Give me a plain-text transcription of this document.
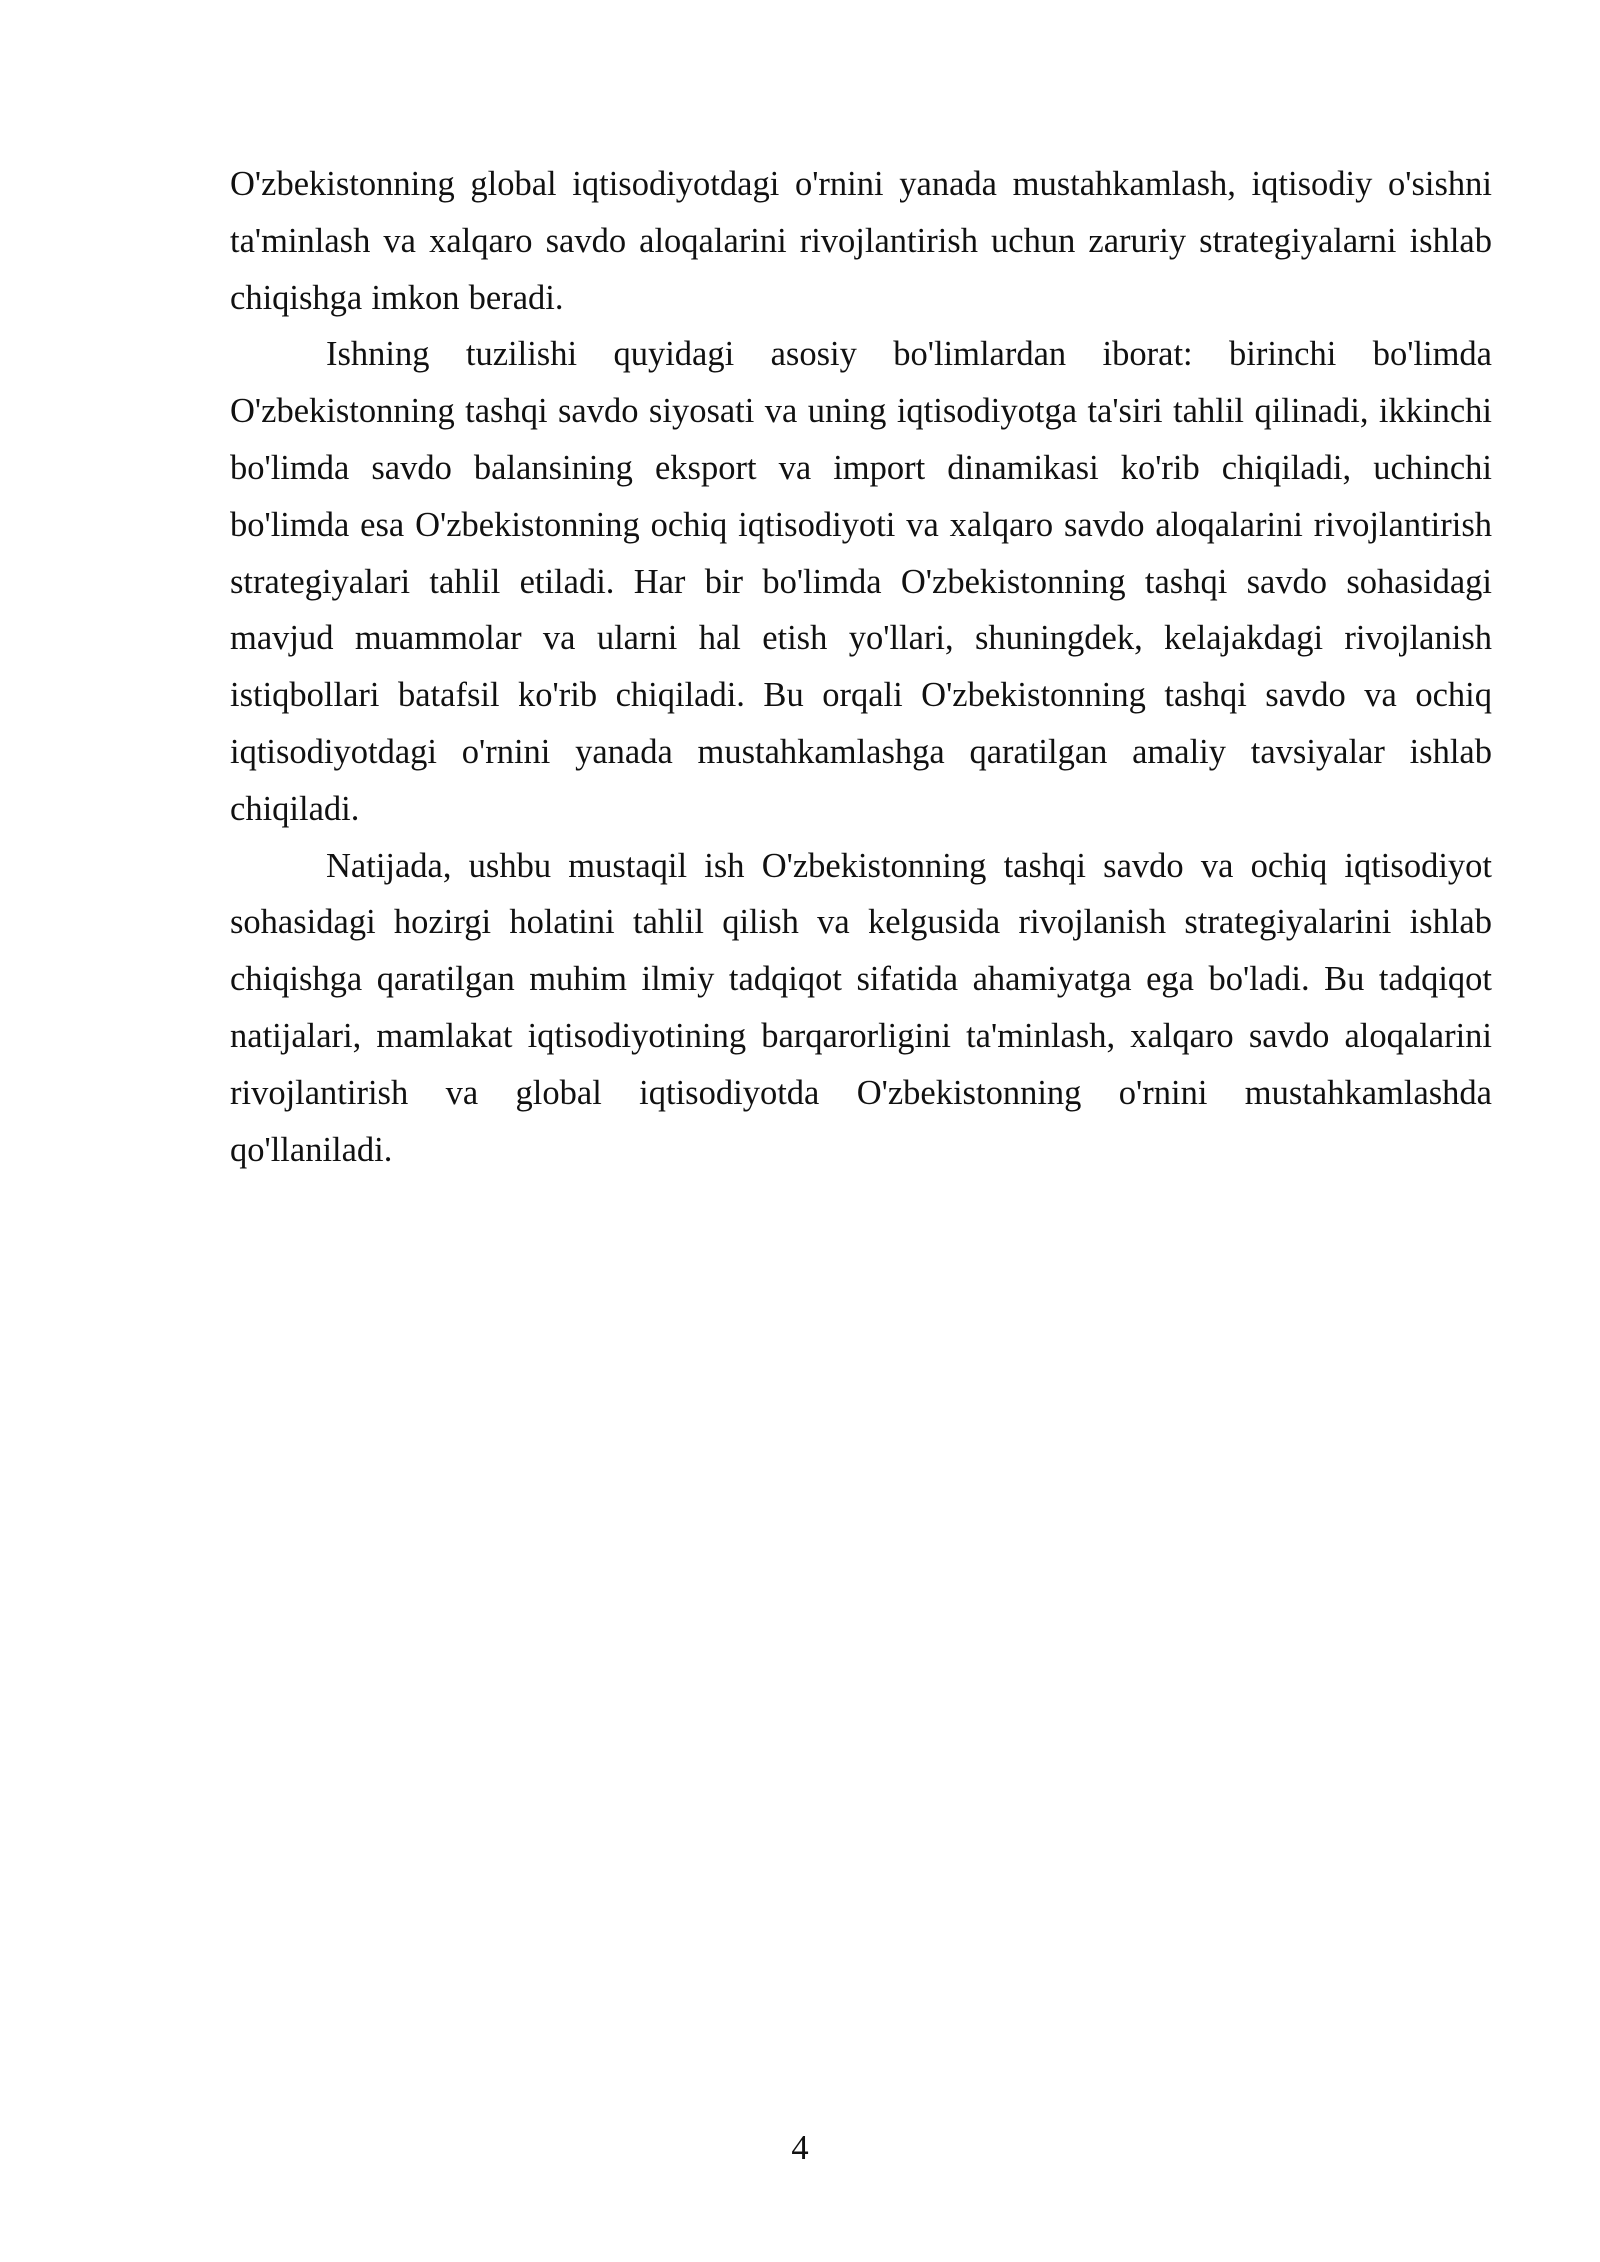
O'zbekistonning global iqtisodiyotdagi o'rnini yanada mustahkamlash, iqtisodiy o'sishni ta'minlash va xalqaro savdo aloqalarini rivojlantirish uchun zaruriy strategiyalarni ishlab chiqishga imkon beradi.

Ishning tuzilishi quyidagi asosiy bo'limlardan iborat: birinchi bo'limda O'zbekistonning tashqi savdo siyosati va uning iqtisodiyotga ta'siri tahlil qilinadi, ikkinchi bo'limda savdo balansining eksport va import dinamikasi ko'rib chiqiladi, uchinchi bo'limda esa O'zbekistonning ochiq iqtisodiyoti va xalqaro savdo aloqalarini rivojlantirish strategiyalari tahlil etiladi. Har bir bo'limda O'zbekistonning tashqi savdo sohasidagi mavjud muammolar va ularni hal etish yo'llari, shuningdek, kelajakdagi rivojlanish istiqbollari batafsil ko'rib chiqiladi. Bu orqali O'zbekistonning tashqi savdo va ochiq iqtisodiyotdagi o'rnini yanada mustahkamlashga qaratilgan amaliy tavsiyalar ishlab chiqiladi.

Natijada, ushbu mustaqil ish O'zbekistonning tashqi savdo va ochiq iqtisodiyot sohasidagi hozirgi holatini tahlil qilish va kelgusida rivojlanish strategiyalarini ishlab chiqishga qaratilgan muhim ilmiy tadqiqot sifatida ahamiyatga ega bo'ladi. Bu tadqiqot natijalari, mamlakat iqtisodiyotining barqarorligini ta'minlash, xalqaro savdo aloqalarini rivojlantirish va global iqtisodiyotda O'zbekistonning o'rnini mustahkamlashda qo'llaniladi.

4
